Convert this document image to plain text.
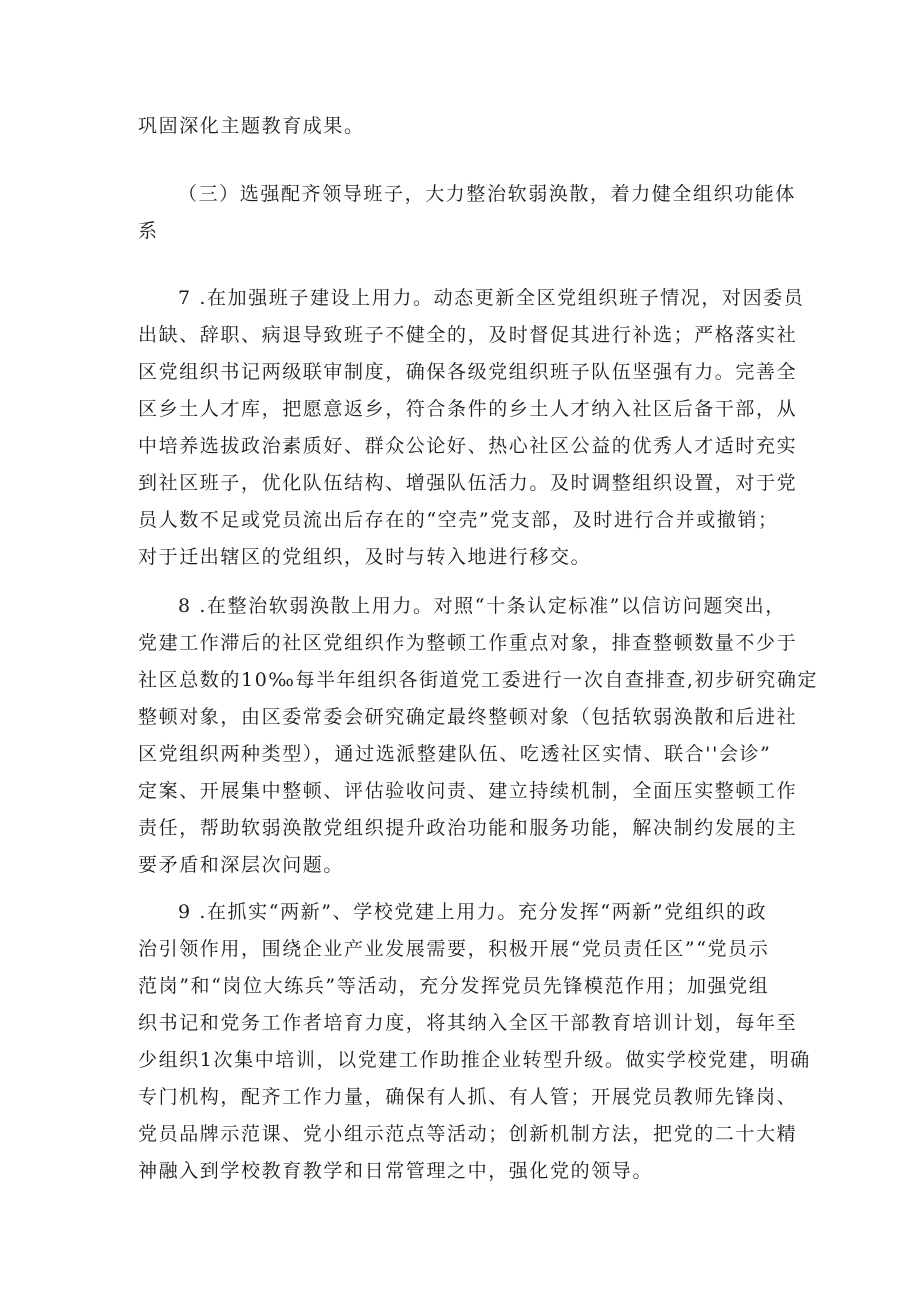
巩固深化主题教育成果。

（三）选强配齐领导班子，大力整治软弱涣散，着力健全组织功能体
系

7 .在加强班子建设上用力。动态更新全区党组织班子情况，对因委员
出缺、辞职、病退导致班子不健全的，及时督促其进行补选；严格落实社
区党组织书记两级联审制度，确保各级党组织班子队伍坚强有力。完善全
区乡土人才库，把愿意返乡，符合条件的乡土人才纳入社区后备干部，从
中培养选拔政治素质好、群众公论好、热心社区公益的优秀人才适时充实
到社区班子，优化队伍结构、增强队伍活力。及时调整组织设置，对于党
员人数不足或党员流出后存在的“空壳”党支部，及时进行合并或撤销；
对于迁出辖区的党组织，及时与转入地进行移交。

8 .在整治软弱涣散上用力。对照“十条认定标准”以信访问题突出，
党建工作滞后的社区党组织作为整顿工作重点对象，排查整顿数量不少于
社区总数的10‰每半年组织各街道党工委进行一次自查排查,初步研究确定
整顿对象，由区委常委会研究确定最终整顿对象（包括软弱涣散和后进社
区党组织两种类型），通过选派整建队伍、吃透社区实情、联合''会诊”
定案、开展集中整顿、评估验收问责、建立持续机制，全面压实整顿工作
责任，帮助软弱涣散党组织提升政治功能和服务功能，解决制约发展的主
要矛盾和深层次问题。

9 .在抓实“两新”、学校党建上用力。充分发挥“两新”党组织的政
治引领作用，围绕企业产业发展需要，积极开展“党员责任区”“党员示
范岗”和“岗位大练兵”等活动，充分发挥党员先锋模范作用；加强党组
织书记和党务工作者培育力度，将其纳入全区干部教育培训计划，每年至
少组织1次集中培训，以党建工作助推企业转型升级。做实学校党建，明确
专门机构，配齐工作力量，确保有人抓、有人管；开展党员教师先锋岗、
党员品牌示范课、党小组示范点等活动；创新机制方法，把党的二十大精
神融入到学校教育教学和日常管理之中，强化党的领导。
